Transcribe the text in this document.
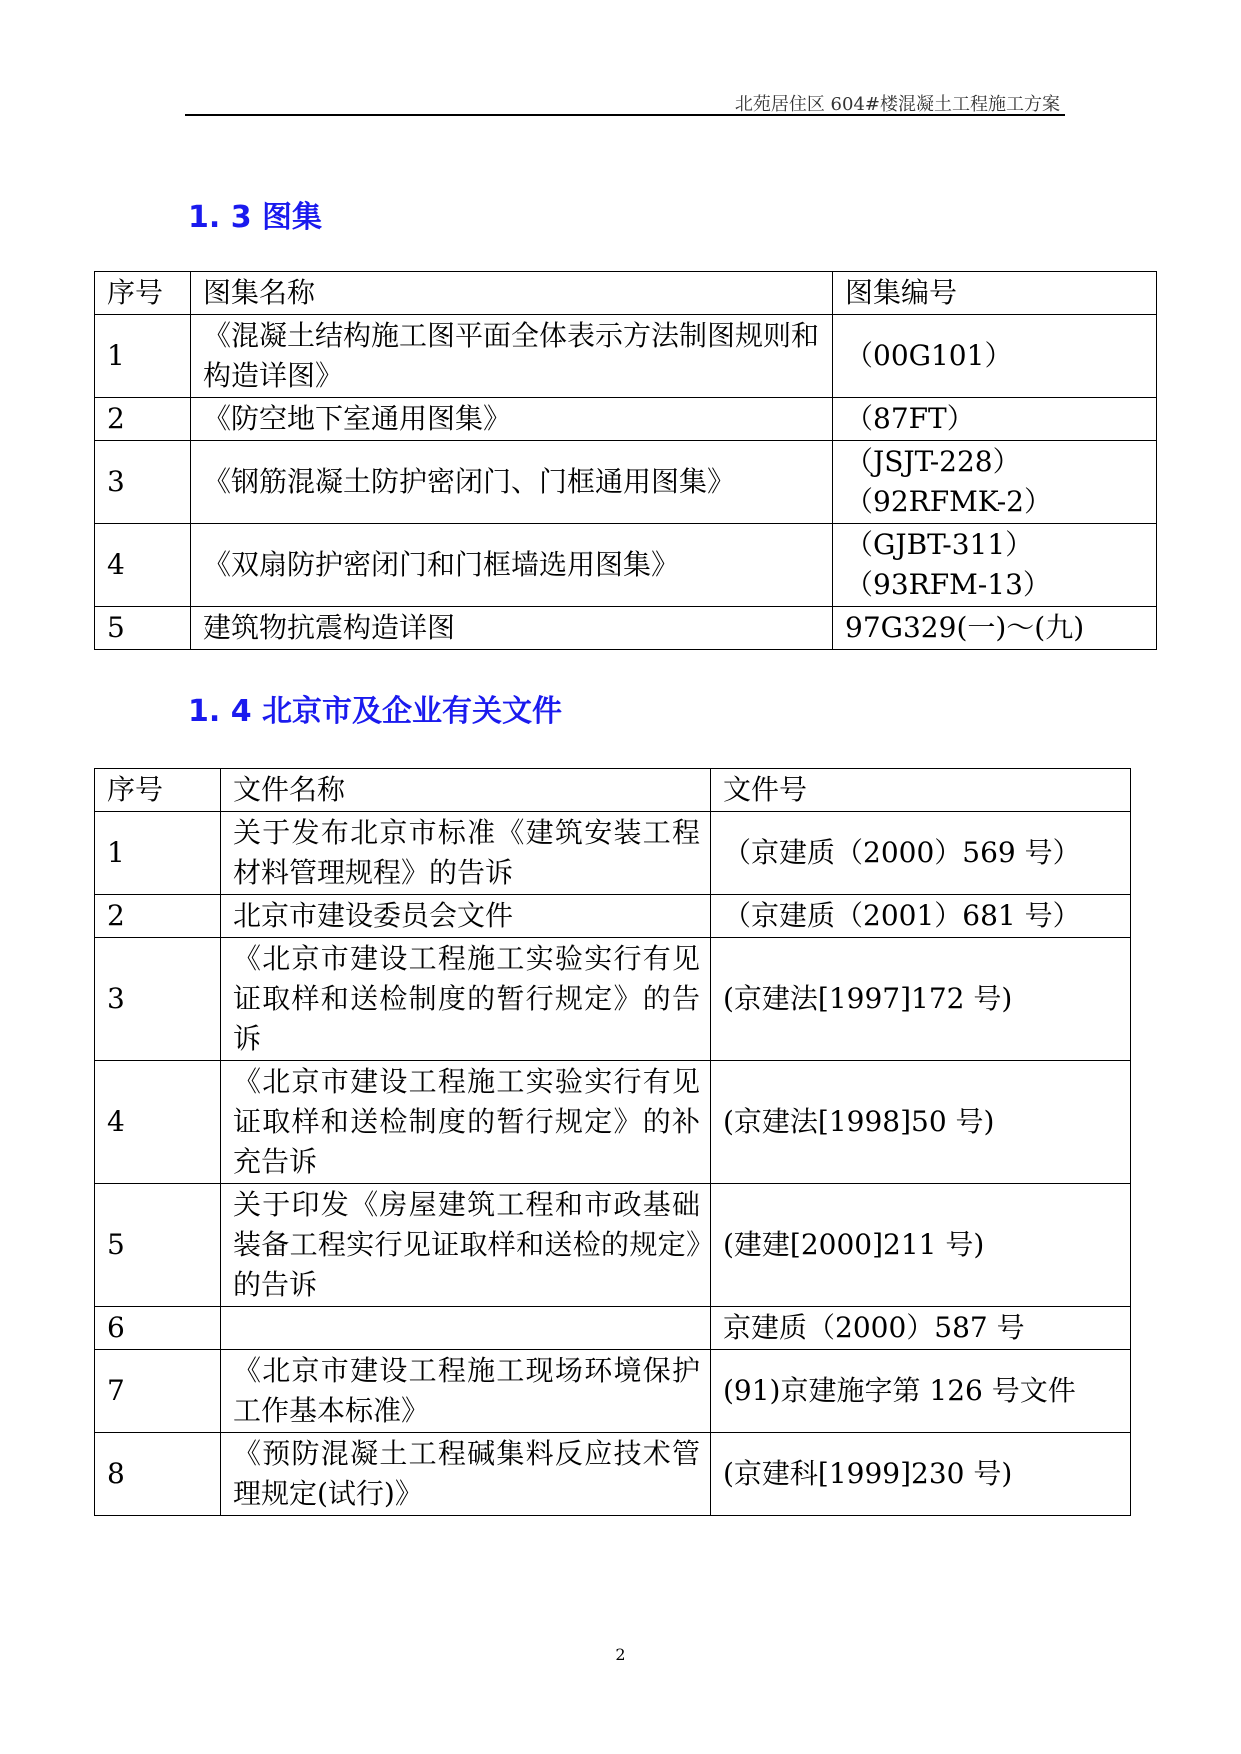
北苑居住区 604#楼混凝土工程施工方案
1. 3 图集
序号	图集名称	图集编号
1	《混凝土结构施工图平面全体表示方法制图规则和构造详图》	（00G101）

2	《防空地下室通用图集》	（87FT）

3	《钢筋混凝土防护密闭门、门框通用图集》	（JSJT-228）
（92RFMK-2）

4	《双扇防护密闭门和门框墙选用图集》	（GJBT-311）
（93RFM-13）

5	建筑物抗震构造详图	97G329(一)～(九)
1. 4 北京市及企业有关文件
序号	文件名称	文件号
1	关于发布北京市标准《建筑安装工程材料管理规程》的告诉	（京建质（2000）569 号）
2	北京市建设委员会文件	（京建质（2001）681 号）
3	《北京市建设工程施工实验实行有见证取样和送检制度的暂行规定》的告诉	(京建法[1997]172 号)
4	《北京市建设工程施工实验实行有见证取样和送检制度的暂行规定》的补充告诉	(京建法[1998]50 号)
5	关于印发《房屋建筑工程和市政基础装备工程实行见证取样和送检的规定》的告诉	(建建[2000]211 号)
6		京建质（2000）587 号
7	《北京市建设工程施工现场环境保护工作基本标准》	(91)京建施字第 126 号文件
8	《预防混凝土工程碱集料反应技术管理规定(试行)》	(京建科[1999]230 号)
2
